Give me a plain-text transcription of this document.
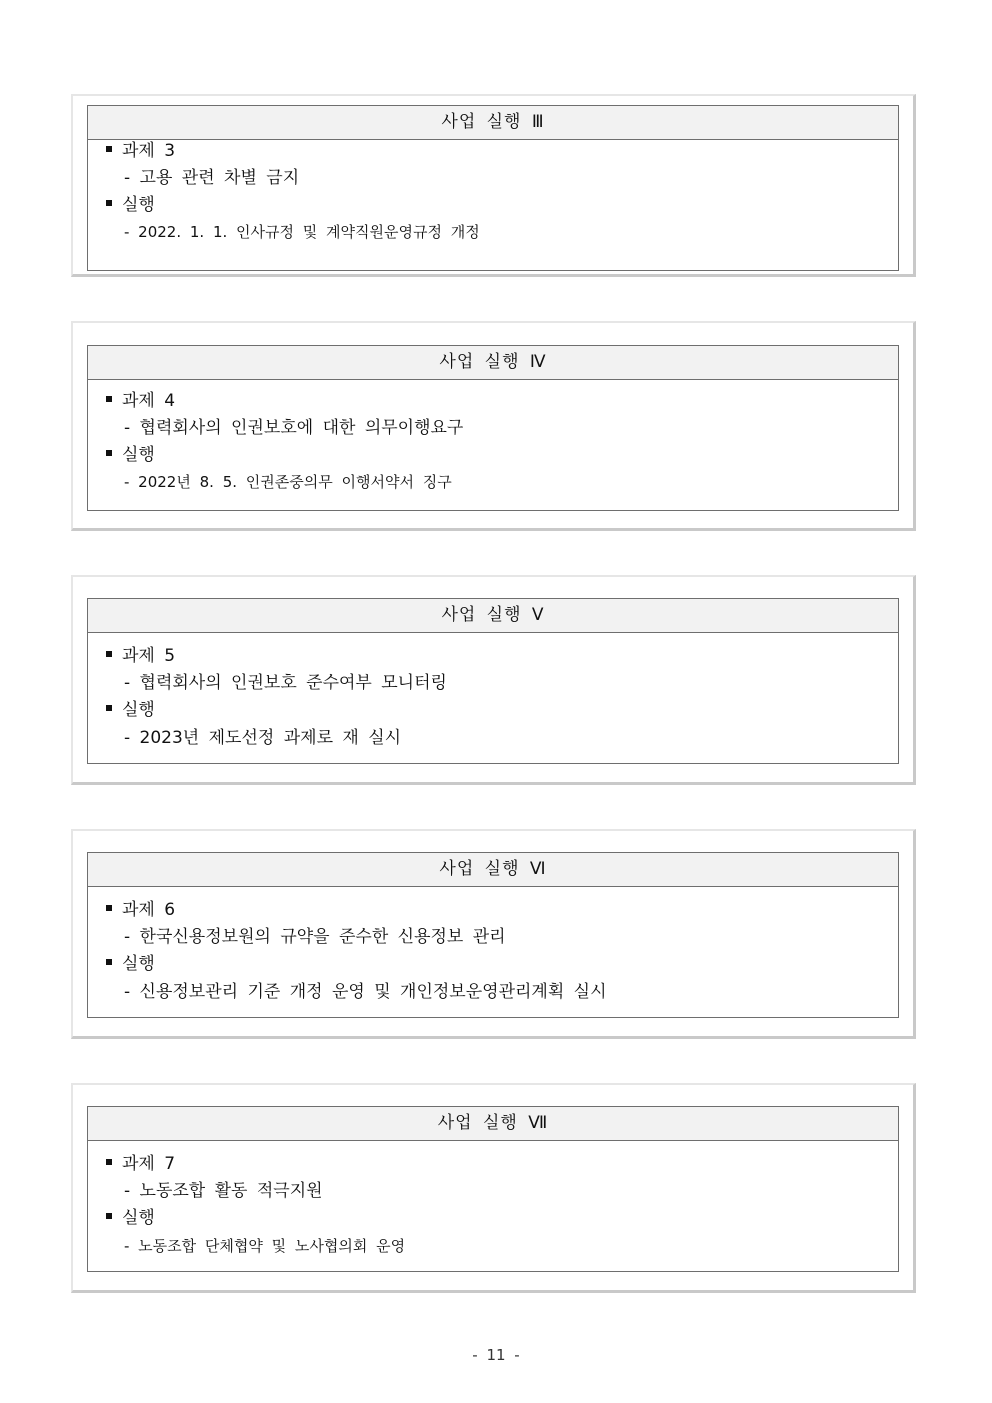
사업 실행 Ⅲ
과제 3
- 고용 관련 차별 금지
실행
- 2022. 1. 1. 인사규정 및 계약직원운영규정 개정
사업 실행 Ⅳ
과제 4
- 협력회사의 인권보호에 대한 의무이행요구
실행
- 2022년 8. 5. 인권존중의무 이행서약서 징구
사업 실행 Ⅴ
과제 5
- 협력회사의 인권보호 준수여부 모니터링
실행
- 2023년 제도선정 과제로 재 실시
사업 실행 Ⅵ
과제 6
- 한국신용정보원의 규약을 준수한 신용정보 관리
실행
- 신용정보관리 기준 개정 운영 및 개인정보운영관리계획 실시
사업 실행 Ⅶ
과제 7
- 노동조합 활동 적극지원
실행
- 노동조합 단체협약 및 노사협의회 운영
- 11 -
